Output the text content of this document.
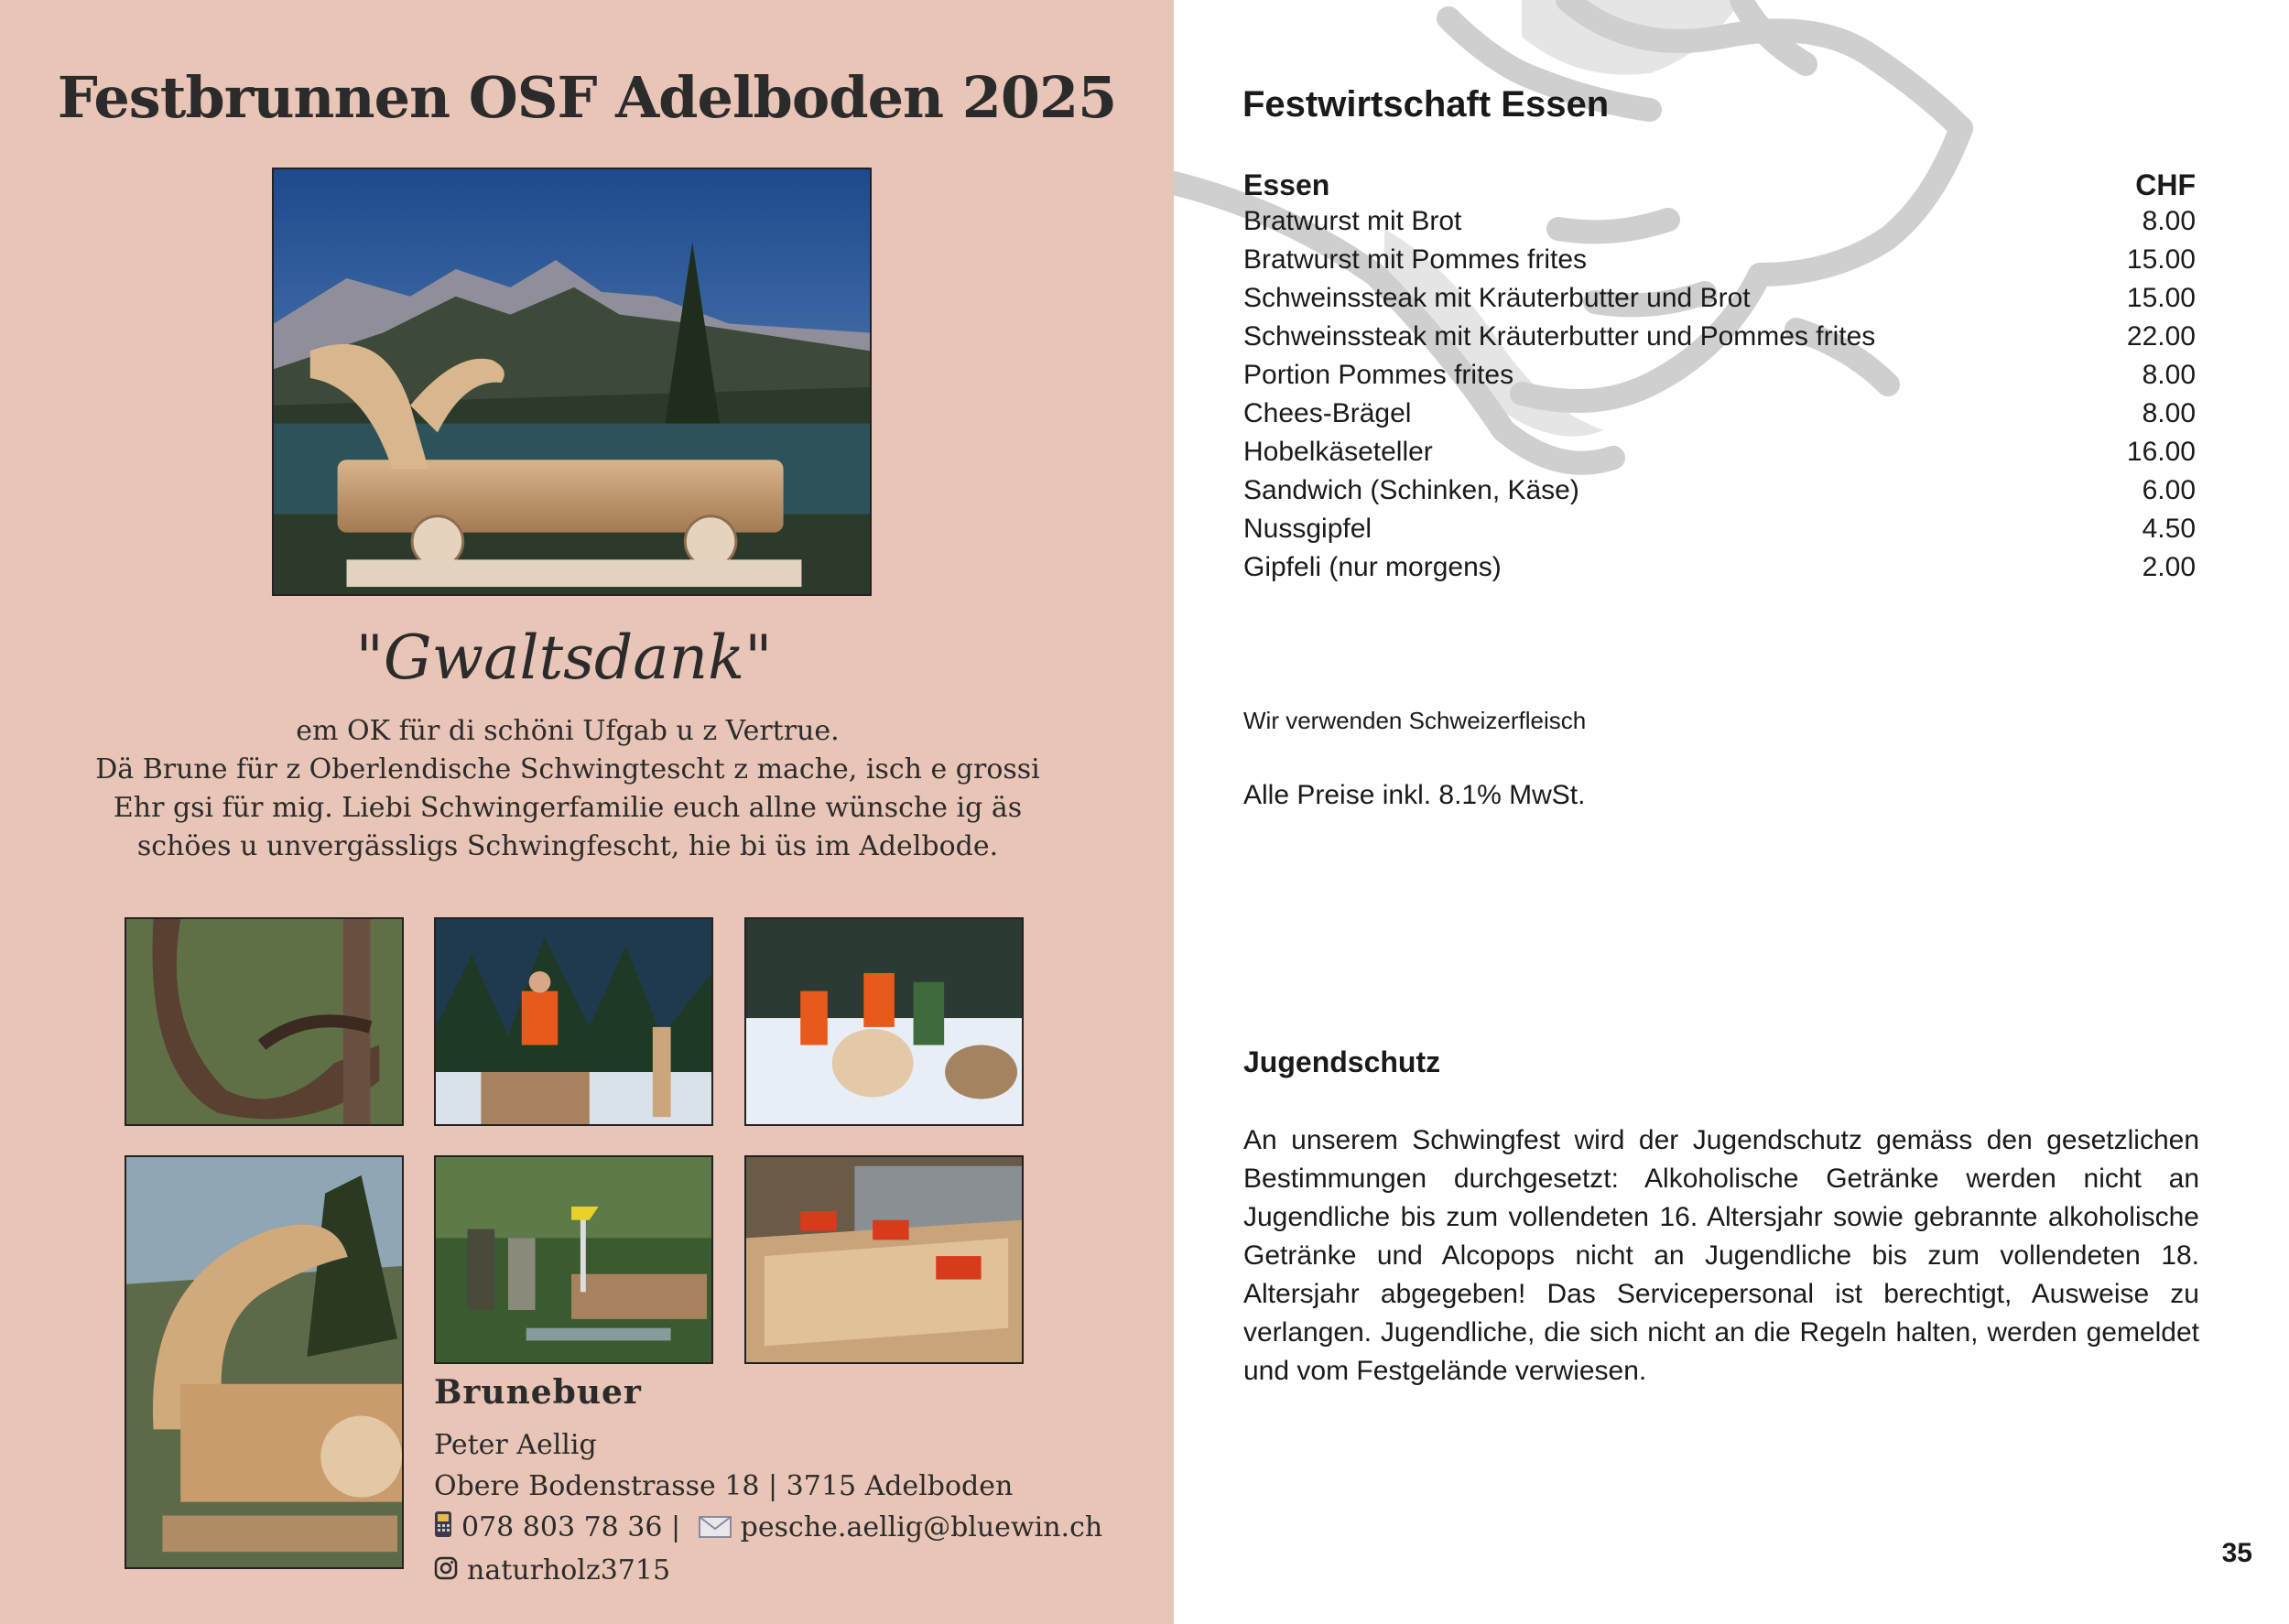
Festbrunnen OSF Adelboden 2025
"Gwaltsdank"
em OK für di schöni Ufgab u z Vertrue.
Dä Brune für z Oberlendische Schwingtescht z mache, isch e grossi
Ehr gsi für mig. Liebi Schwingerfamilie euch allne wünsche ig äs
schöes u unvergässligs Schwingfescht, hie bi üs im Adelbode.
Brunebuer
Peter Aellig
Obere Bodenstrasse 18 | 3715 Adelboden
078 803 78 36 | pesche.aellig@bluewin.ch
naturholz3715
Festwirtschaft Essen
Essen	CHF
Bratwurst mit Brot	8.00
Bratwurst mit Pommes frites	15.00
Schweinssteak mit Kräuterbutter und Brot	15.00
Schweinssteak mit Kräuterbutter und Pommes frites	22.00
Portion Pommes frites	8.00
Chees-Brägel	8.00
Hobelkäseteller	16.00
Sandwich (Schinken, Käse)	6.00
Nussgipfel	4.50
Gipfeli (nur morgens)	2.00
Wir verwenden Schweizerfleisch
Alle Preise inkl. 8.1% MwSt.
Jugendschutz
An unserem Schwingfest wird der Jugendschutz gemäss den gesetzlichen Bestimmungen durchgesetzt: Alkoholische Getränke werden nicht an Jugendliche bis zum vollendeten 16. Altersjahr sowie gebrannte alkoholische Getränke und Alcopops nicht an Jugendliche bis zum vollendeten 18. Altersjahr abgegeben! Das Servicepersonal ist berechtigt, Ausweise zu verlangen. Jugendliche, die sich nicht an die Regeln halten, werden gemeldet und vom Festgelände verwiesen.
35
